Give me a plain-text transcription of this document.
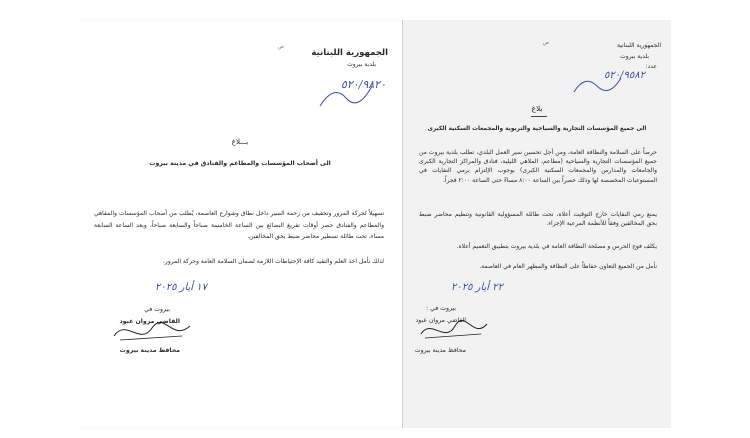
ص
الجمهورية اللبنانية
بلدية بيروت
٥٢٠/٩٨٢٠
بـــلاغ
الى أصحاب المؤسسات والمطاعم والفنادق في مدينة بيروت
تسهيلاً لحركة المرور وتخفيف من زحمة السير داخل نطاق وشوارع العاصمة، يُطلب من أصحاب المؤسسات والمقاهي والمطاعم والفنادق حصر أوقات تفريغ البضائع بين الساعة الخامسة صباحاً والسابعة صباحاً، وبعد الساعة السابعة مساء، تحت طائلة تسطير محاضر ضبط بحق المخالفين.
لذلك نأمل اخذ العلم والتقيد كافة الإحتياطات اللازمة لضمان السلامة العامة وحركة المرور.
١٧ أيار ٢٠٢٥
بيروت في
القاضي مروان عبود
محافظ مدينة بيروت
ص	الجمهورية اللبنانية
بلدية بيروت
عدد:
٥٢٠/٩٥٨٢
بلاغ
الى جميع المؤسسات التجارية والسياحية والتربوية والمجمعات السكنية الكبرى
حرصاً على السلامة والنظافة العامة، ومن أجل تحسين سير العمل البلدي، تطلب بلدية بيروت من جميع المؤسسات التجارية والسياحية (مطاعم، الملاهي الليلية، فنادق والمراكز التجارية الكبرى والجامعات والمدارس والمجمعات السكنية الكبرى) بوجوب الإلتزام برمي النفايات في المستوعبات المخصصة لها وذلك حصراً بين الساعة ٨:٠٠ مساءً حتى الساعة ٢:٠٠ فجراً.
يمنع رمي النفايات خارج التوقيت أعلاه، تحت طائلة المسؤولية القانونية وتنظيم محاضر ضبط بحق المخالفين وفقاً للأنظمة المرعية الإجراء.
يكلف فوج الحرس و مصلحة النظافة العامة في بلدية بيروت بتطبيق التعميم أعلاه.
نأمل من الجميع التعاون حفاظاً على النظافة والمظهر العام في العاصمة.
٢٢ أيار ٢٠٢٥
بيروت في :
القاضي مروان عبود
محافظ مدينة بيروت
